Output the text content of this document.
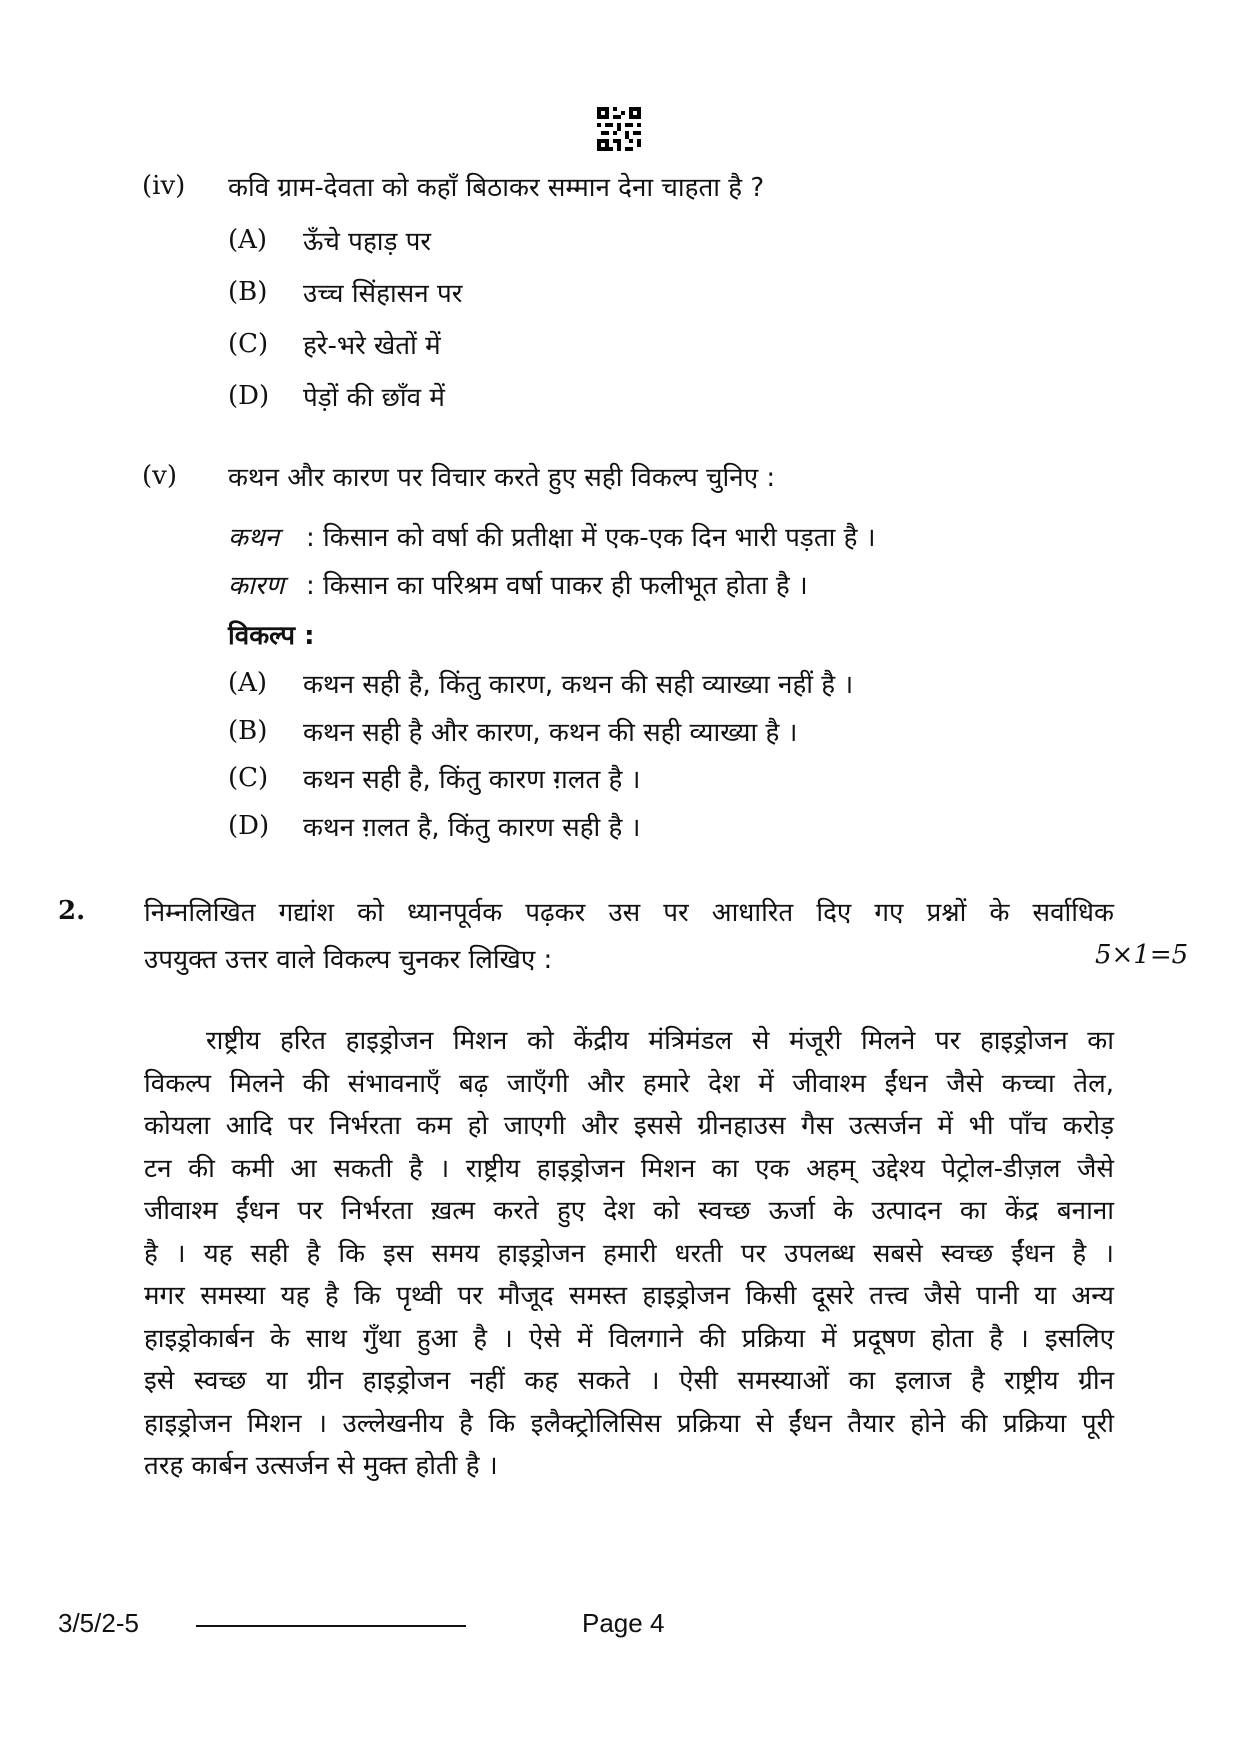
(iv) कवि ग्राम-देवता को कहाँ बिठाकर सम्मान देना चाहता है ?
(A) ऊँचे पहाड़ पर
(B) उच्च सिंहासन पर
(C) हरे-भरे खेतों में
(D) पेड़ों की छाँव में
(v) कथन और कारण पर विचार करते हुए सही विकल्प चुनिए :
कथन : किसान को वर्षा की प्रतीक्षा में एक-एक दिन भारी पड़ता है ।
कारण : किसान का परिश्रम वर्षा पाकर ही फलीभूत होता है ।
विकल्प :
(A) कथन सही है, किंतु कारण, कथन की सही व्याख्या नहीं है ।
(B) कथन सही है और कारण, कथन की सही व्याख्या है ।
(C) कथन सही है, किंतु कारण ग़लत है ।
(D) कथन ग़लत है, किंतु कारण सही है ।
2. निम्नलिखित गद्यांश को ध्यानपूर्वक पढ़कर उस पर आधारित दिए गए प्रश्नों के सर्वाधिक
उपयुक्त उत्तर वाले विकल्प चुनकर लिखिए :	5×1=5
राष्ट्रीय हरित हाइड्रोजन मिशन को केंद्रीय मंत्रिमंडल से मंजूरी मिलने पर हाइड्रोजन का
विकल्प मिलने की संभावनाएँ बढ़ जाएँगी और हमारे देश में जीवाश्म ईंधन जैसे कच्चा तेल,
कोयला आदि पर निर्भरता कम हो जाएगी और इससे ग्रीनहाउस गैस उत्सर्जन में भी पाँच करोड़
टन की कमी आ सकती है । राष्ट्रीय हाइड्रोजन मिशन का एक अहम् उद्देश्य पेट्रोल-डीज़ल जैसे
जीवाश्म ईंधन पर निर्भरता ख़त्म करते हुए देश को स्वच्छ ऊर्जा के उत्पादन का केंद्र बनाना
है । यह सही है कि इस समय हाइड्रोजन हमारी धरती पर उपलब्ध सबसे स्वच्छ ईंधन है ।
मगर समस्या यह है कि पृथ्वी पर मौजूद समस्त हाइड्रोजन किसी दूसरे तत्त्व जैसे पानी या अन्य
हाइड्रोकार्बन के साथ गुँथा हुआ है । ऐसे में विलगाने की प्रक्रिया में प्रदूषण होता है । इसलिए
इसे स्वच्छ या ग्रीन हाइड्रोजन नहीं कह सकते । ऐसी समस्याओं का इलाज है राष्ट्रीय ग्रीन
हाइड्रोजन मिशन । उल्लेखनीय है कि इलैक्ट्रोलिसिस प्रक्रिया से ईंधन तैयार होने की प्रक्रिया पूरी
तरह कार्बन उत्सर्जन से मुक्त होती है ।
3/5/2-5	Page 4
